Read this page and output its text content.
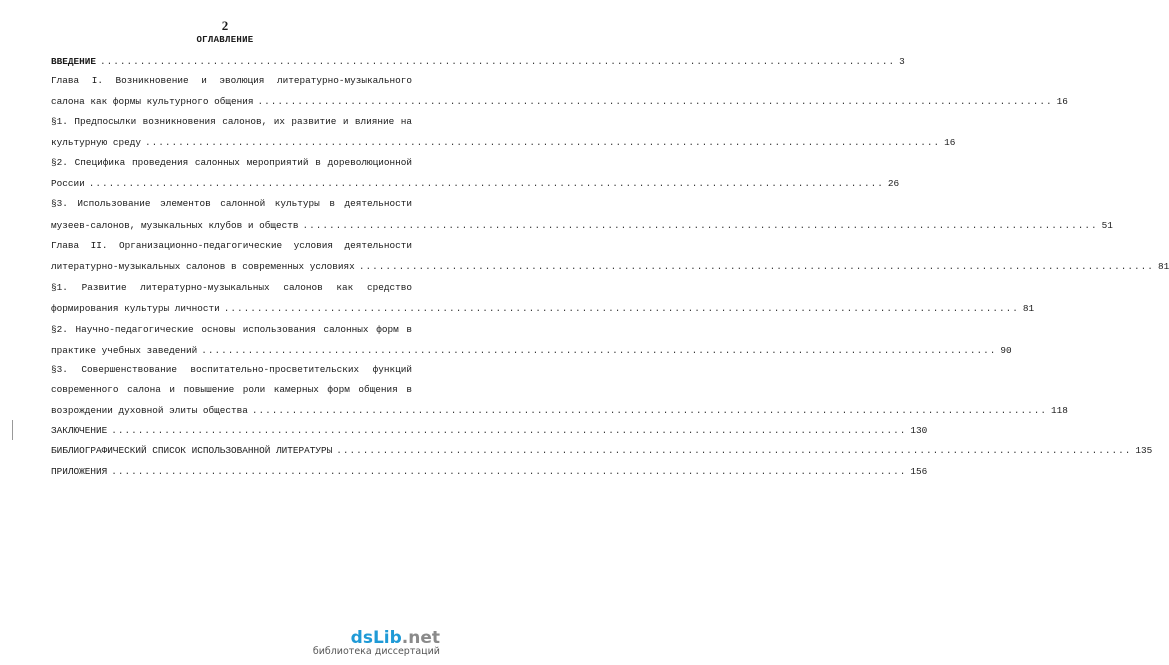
2
ОГЛАВЛЕНИЕ
ВВЕДЕНИЕ ........................................................................................................................ 3
Глава I. Возникновение и эволюция литературно-музыкального
салона как формы культурного общения ........................................................................................................................ 16
§1. Предпосылки возникновения салонов, их развитие и влияние на
культурную среду ........................................................................................................................ 16
§2. Специфика проведения салонных мероприятий в дореволюционной
России ........................................................................................................................ 26
§3. Использование элементов салонной культуры в деятельности
музеев-салонов, музыкальных клубов и обществ ........................................................................................................................ 51
Глава II. Организационно-педагогические условия деятельности
литературно-музыкальных салонов в современных условиях ........................................................................................................................ 81
§1. Развитие литературно-музыкальных салонов как средство
формирования культуры личности ........................................................................................................................ 81
§2. Научно-педагогические основы использования салонных форм в
практике учебных заведений ........................................................................................................................ 90
§3. Совершенствование воспитательно-просветительских функций
современного салона и повышение роли камерных форм общения в
возрождении духовной элиты общества ........................................................................................................................ 118
ЗАКЛЮЧЕНИЕ ........................................................................................................................ 130
БИБЛИОГРАФИЧЕСКИЙ СПИСОК ИСПОЛЬЗОВАННОЙ ЛИТЕРАТУРЫ ........................................................................................................................ 135
ПРИЛОЖЕНИЯ ........................................................................................................................ 156
dsLib.net
библиотека диссертаций
